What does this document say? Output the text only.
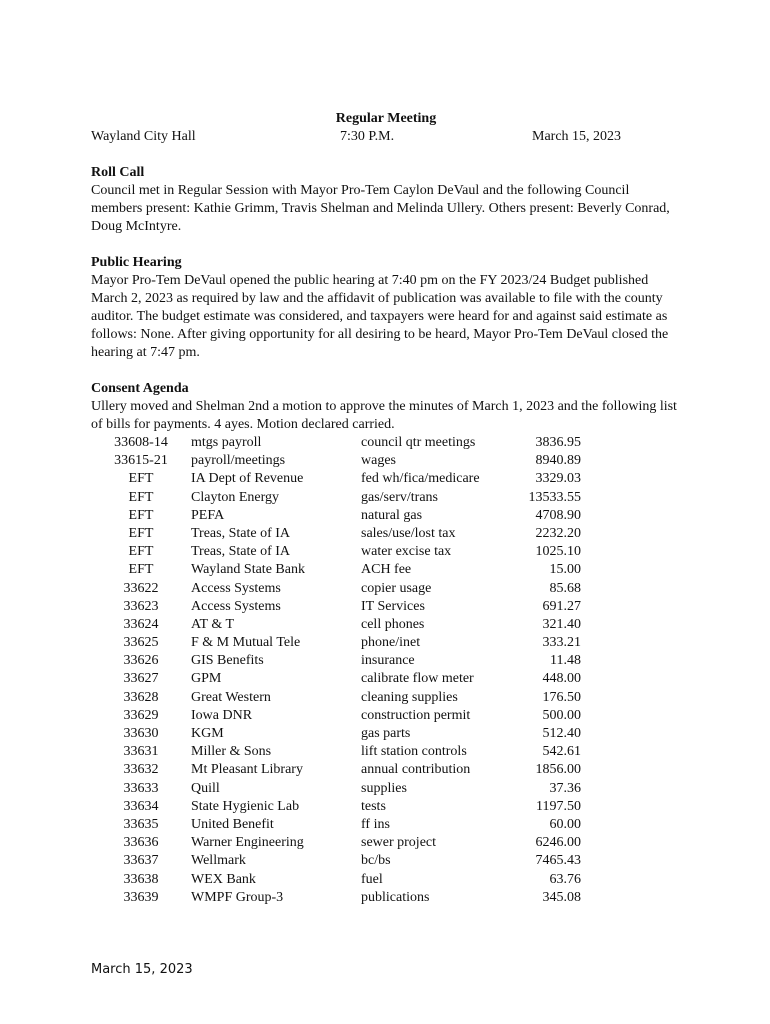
Regular Meeting
Wayland City Hall	7:30 P.M.	March 15, 2023
Roll Call

Council met in Regular Session with Mayor Pro-Tem Caylon DeVaul and the following Council members present: Kathie Grimm, Travis Shelman and Melinda Ullery. Others present: Beverly Conrad, Doug McIntyre.

Public Hearing

Mayor Pro-Tem DeVaul opened the public hearing at 7:40 pm on the FY 2023/24 Budget published March 2, 2023 as required by law and the affidavit of publication was available to file with the county auditor. The budget estimate was considered, and taxpayers were heard for and against said estimate as follows: None. After giving opportunity for all desiring to be heard, Mayor Pro-Tem DeVaul closed the hearing at 7:47 pm.

Consent Agenda

Ullery moved and Shelman 2nd a motion to approve the minutes of March 1, 2023 and the following list of bills for payments. 4 ayes. Motion declared carried.

33608-14	mtgs payroll	council qtr meetings	3836.95
33615-21	payroll/meetings	wages	8940.89
EFT	IA Dept of Revenue	fed wh/fica/medicare	3329.03
EFT	Clayton Energy	gas/serv/trans	13533.55
EFT	PEFA	natural gas	4708.90
EFT	Treas, State of IA	sales/use/lost tax	2232.20
EFT	Treas, State of IA	water excise tax	1025.10
EFT	Wayland State Bank	ACH fee	15.00
33622	Access Systems	copier usage	85.68
33623	Access Systems	IT Services	691.27
33624	AT & T	cell phones	321.40
33625	F & M Mutual Tele	phone/inet	333.21
33626	GIS Benefits	insurance	11.48
33627	GPM	calibrate flow meter	448.00
33628	Great Western	cleaning supplies	176.50
33629	Iowa DNR	construction permit	500.00
33630	KGM	gas parts	512.40
33631	Miller & Sons	lift station controls	542.61
33632	Mt Pleasant Library	annual contribution	1856.00
33633	Quill	supplies	37.36
33634	State Hygienic Lab	tests	1197.50
33635	United Benefit	ff ins	60.00
33636	Warner Engineering	sewer project	6246.00
33637	Wellmark	bc/bs	7465.43
33638	WEX Bank	fuel	63.76
33639	WMPF Group-3	publications	345.08
March 15, 2023
